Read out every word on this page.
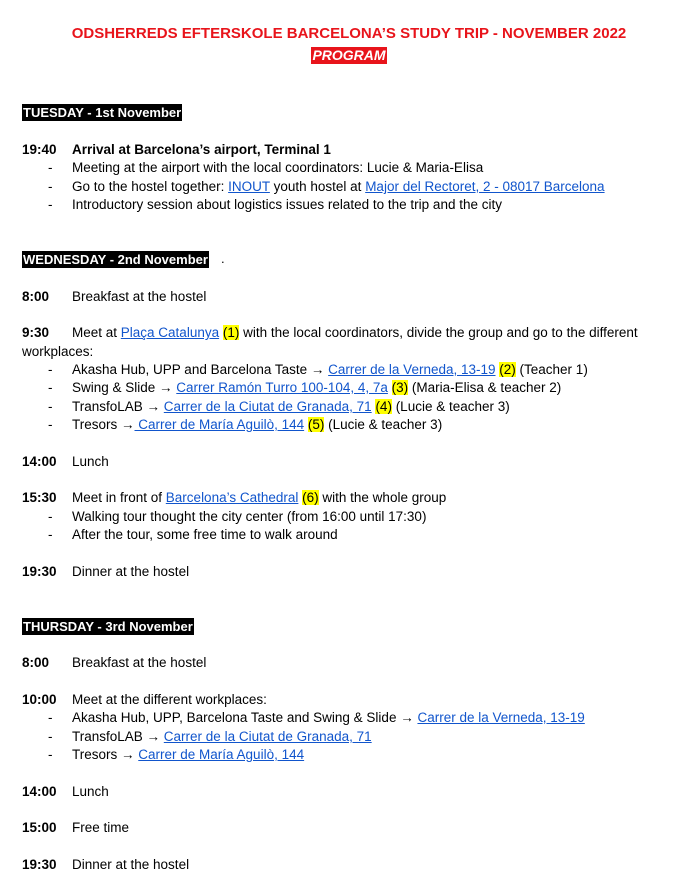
ODSHERREDS EFTERSKOLE BARCELONA’S STUDY TRIP - NOVEMBER 2022
PROGRAM
TUESDAY - 1st November
19:40 Arrival at Barcelona’s airport, Terminal 1
- Meeting at the airport with the local coordinators: Lucie & Maria-Elisa
- Go to the hostel together: INOUT youth hostel at Major del Rectoret, 2 - 08017 Barcelona
- Introductory session about logistics issues related to the trip and the city
WEDNESDAY - 2nd November .
8:00 Breakfast at the hostel
9:30 Meet at Plaça Catalunya (1) with the local coordinators, divide the group and go to the different
workplaces:
- Akasha Hub, UPP and Barcelona Taste → Carrer de la Verneda, 13-19 (2) (Teacher 1)
- Swing & Slide → Carrer Ramón Turro 100-104, 4, 7a (3) (Maria-Elisa & teacher 2)
- TransfoLAB → Carrer de la Ciutat de Granada, 71 (4) (Lucie & teacher 3)
- Tresors → Carrer de María Aguilò, 144 (5) (Lucie & teacher 3)
14:00 Lunch
15:30 Meet in front of Barcelona’s Cathedral (6) with the whole group
- Walking tour thought the city center (from 16:00 until 17:30)
- After the tour, some free time to walk around
19:30 Dinner at the hostel
THURSDAY - 3rd November
8:00 Breakfast at the hostel
10:00 Meet at the different workplaces:
- Akasha Hub, UPP, Barcelona Taste and Swing & Slide → Carrer de la Verneda, 13-19
- TransfoLAB → Carrer de la Ciutat de Granada, 71
- Tresors → Carrer de María Aguilò, 144
14:00 Lunch
15:00 Free time
19:30 Dinner at the hostel
